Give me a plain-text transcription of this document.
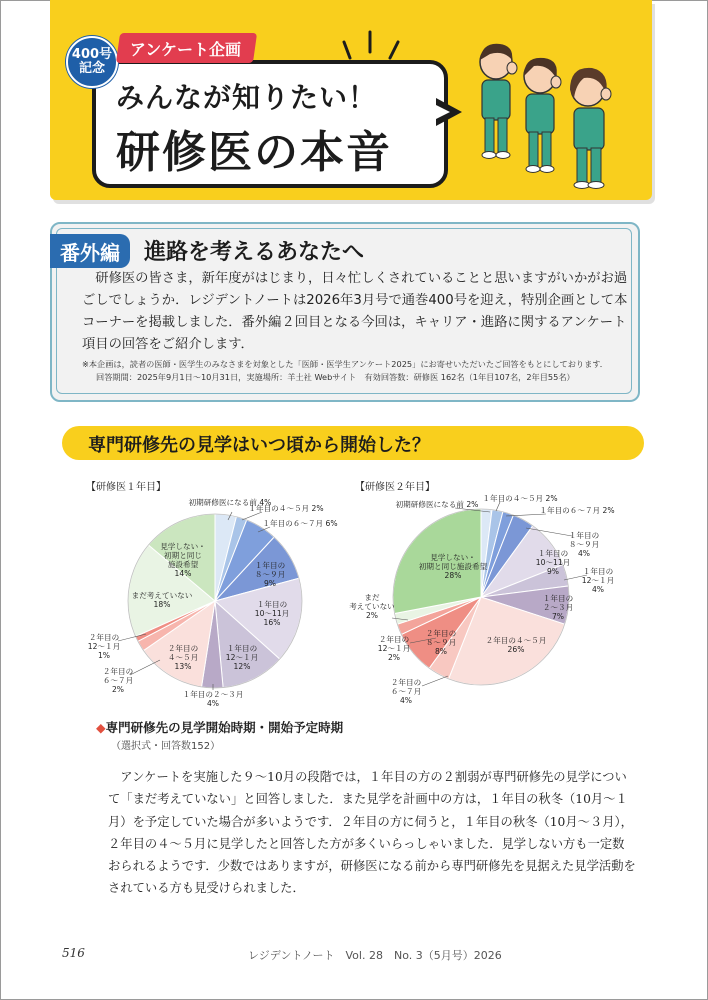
400号
記念
アンケート企画
みんなが知りたい！
研修医の本音
番外編	進路を考えるあなたへ
研修医の皆さま，新年度がはじまり，日々忙しくされていることと思いますがいかがお過ごしでしょうか．レジデントノートは2026年3月号で通巻400号を迎え，特別企画として本コーナーを掲載しました．番外編２回目となる今回は，キャリア・進路に関するアンケート項目の回答をご紹介します．
※本企画は，読者の医師・医学生のみなさまを対象とした「医師・医学生アンケート2025」にお寄せいただいたご回答をもとにしております．
回答期間：2025年9月1日～10月31日，実施場所：羊土社 Webサイト　有効回答数：研修医 162名（1年目107名，2年目55名）
専門研修先の見学はいつ頃から開始した？
【研修医１年目】	【研修医２年目】
初期研修医になる前 4%
１年目の４～５月 2%
１年目の６～７月 6%
１年目の８～９月 9%
１年目の 10～11月 16%
１年目の 12～１月 12%
１年目の２～３月 4%
２年目の４～５月 13%
２年目の６～７月 2%
２年目の 12～１月 1%
まだ考えていない 18%
見学しない・初期と同じ施設希望 14%
初期研修医になる前 2%
１年目の４～５月 2%
１年目の６～７月 2%
１年目の８～９月 4%
１年目の 10～11月 9%	１年目の 12～１月 4%
１年目の２～３月 7%
２年目の４～５月 26%
２年目の６～７月 4%
２年目の８～９月 8%
２年目の 12～１月 2%
まだ考えていない 2%
見学しない・初期と同じ施設希望 28%
◆専門研修先の見学開始時期・開始予定時期
（選択式・回答数152）
アンケートを実施した９～10月の段階では，１年目の方の２割弱が専門研修先の見学について「まだ考えていない」と回答しました．また見学を計画中の方は，１年目の秋冬（10月～１月）を予定していた場合が多いようです．２年目の方に伺うと，１年目の秋冬（10月～３月），２年目の４～５月に見学したと回答した方が多くいらっしゃいました．見学しない方も一定数おられるようです．少数ではありますが，研修医になる前から専門研修先を見据えた見学活動をされている方も見受けられました．
516	レジデントノート　Vol. 28　No. 3（5月号）2026
